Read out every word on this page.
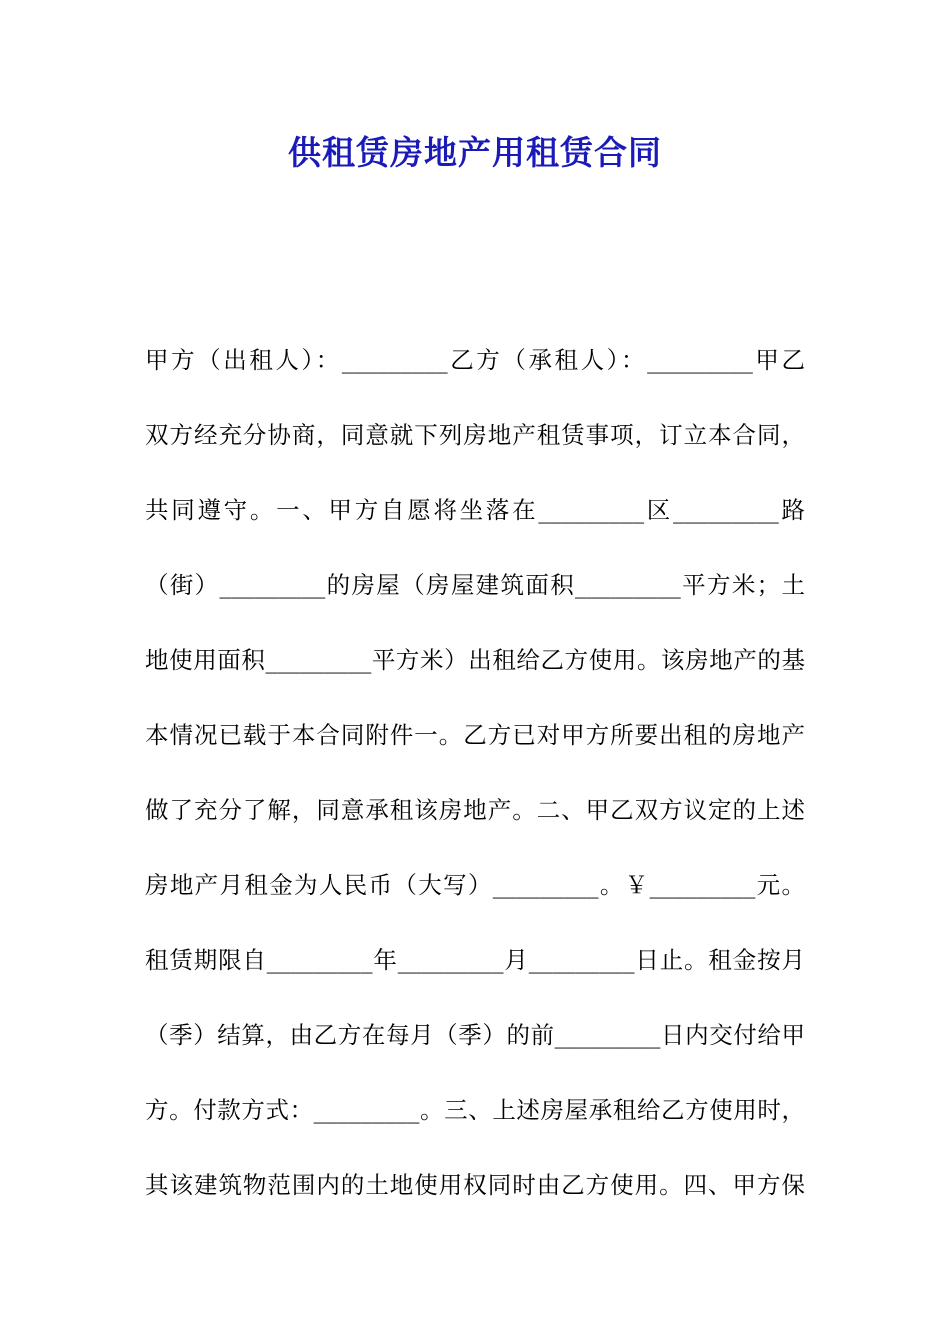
供租赁房地产用租赁合同
甲方（出租人）：_________乙方（承租人）：_________甲乙
双方经充分协商，同意就下列房地产租赁事项，订立本合同，
共同遵守。一、甲方自愿将坐落在_________区_________路
（街）_________的房屋（房屋建筑面积_________平方米；土
地使用面积_________平方米）出租给乙方使用。该房地产的基
本情况已载于本合同附件一。乙方已对甲方所要出租的房地产
做了充分了解，同意承租该房地产。二、甲乙双方议定的上述
房地产月租金为人民币（大写）_________。￥_________元。
租赁期限自_________年_________月_________日止。租金按月
（季）结算，由乙方在每月（季）的前_________日内交付给甲
方。付款方式：_________。三、上述房屋承租给乙方使用时，
其该建筑物范围内的土地使用权同时由乙方使用。四、甲方保
